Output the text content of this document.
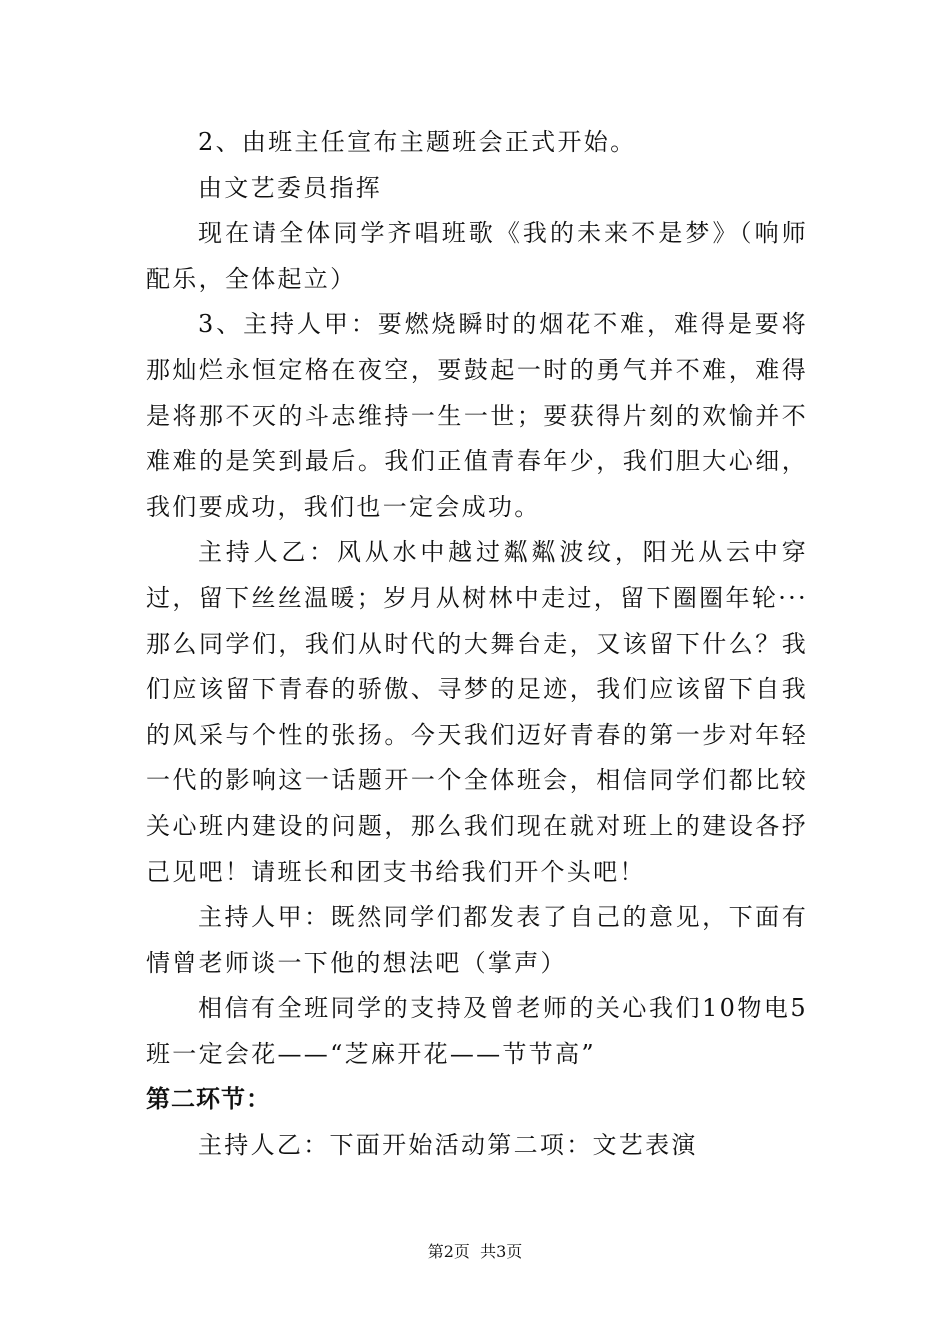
2、由班主任宣布主题班会正式开始。

由文艺委员指挥

现在请全体同学齐唱班歌《我的未来不是梦》（响师配乐，全体起立）

3、主持人甲：要燃烧瞬时的烟花不难，难得是要将那灿烂永恒定格在夜空，要鼓起一时的勇气并不难，难得是将那不灭的斗志维持一生一世；要获得片刻的欢愉并不难难的是笑到最后。我们正值青春年少，我们胆大心细，我们要成功，我们也一定会成功。

主持人乙：风从水中越过粼粼波纹，阳光从云中穿过，留下丝丝温暖；岁月从树林中走过，留下圈圈年轮···那么同学们，我们从时代的大舞台走，又该留下什么？我们应该留下青春的骄傲、寻梦的足迹，我们应该留下自我的风采与个性的张扬。今天我们迈好青春的第一步对年轻一代的影响这一话题开一个全体班会，相信同学们都比较关心班内建设的问题，那么我们现在就对班上的建设各抒己见吧！请班长和团支书给我们开个头吧！

主持人甲：既然同学们都发表了自己的意见，下面有情曾老师谈一下他的想法吧（掌声）

相信有全班同学的支持及曾老师的关心我们10物电5班一定会花——“芝麻开花——节节高”

第二环节：

主持人乙：下面开始活动第二项：文艺表演

第2页 共3页
